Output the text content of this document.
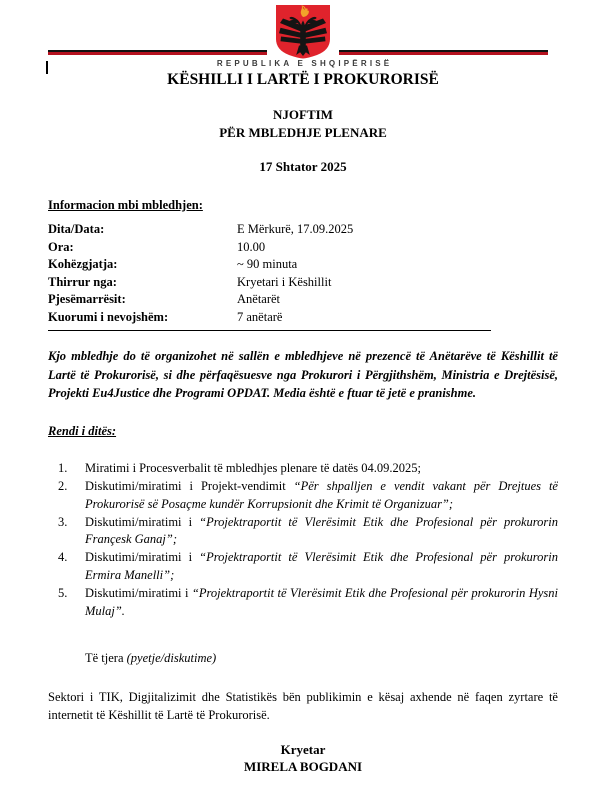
REPUBLIKA E SHQIPËRISË
KËSHILLI I LARTË I PROKURORISË
NJOFTIM
PËR MBLEDHJE PLENARE
17 Shtator 2025
Informacion mbi mbledhjen:
Dita/Data:	E Mërkurë, 17.09.2025
Ora:	10.00
Kohëzgjatja:	~ 90 minuta
Thirrur nga:	Kryetari i Këshillit
Pjesëmarrësit:	Anëtarët
Kuorumi i nevojshëm:	7 anëtarë
Kjo mbledhje do të organizohet në sallën e mbledhjeve në prezencë të Anëtarëve të Këshillit të Lartë të Prokurorisë, si dhe përfaqësuesve nga Prokurori i Përgjithshëm, Ministria e Drejtësisë, Projekti Eu4Justice dhe Programi OPDAT. Media është e ftuar të jetë e pranishme.
Rendi i ditës:
Miratimi i Procesverbalit të mbledhjes plenare të datës 04.09.2025;
Diskutimi/miratimi i Projekt-vendimit “Për shpalljen e vendit vakant për Drejtues të Prokurorisë së Posaçme kundër Korrupsionit dhe Krimit të Organizuar”;
Diskutimi/miratimi i “Projektraportit të Vlerësimit Etik dhe Profesional për prokurorin Françesk Ganaj”;
Diskutimi/miratimi i “Projektraportit të Vlerësimit Etik dhe Profesional për prokurorin Ermira Manelli”;
Diskutimi/miratimi i “Projektraportit të Vlerësimit Etik dhe Profesional për prokurorin Hysni Mulaj”.
Të tjera (pyetje/diskutime)
Sektori i TIK, Digjitalizimit dhe Statistikës bën publikimin e kësaj axhende në faqen zyrtare të internetit të Këshillit të Lartë të Prokurorisë.
Kryetar
MIRELA BOGDANI
